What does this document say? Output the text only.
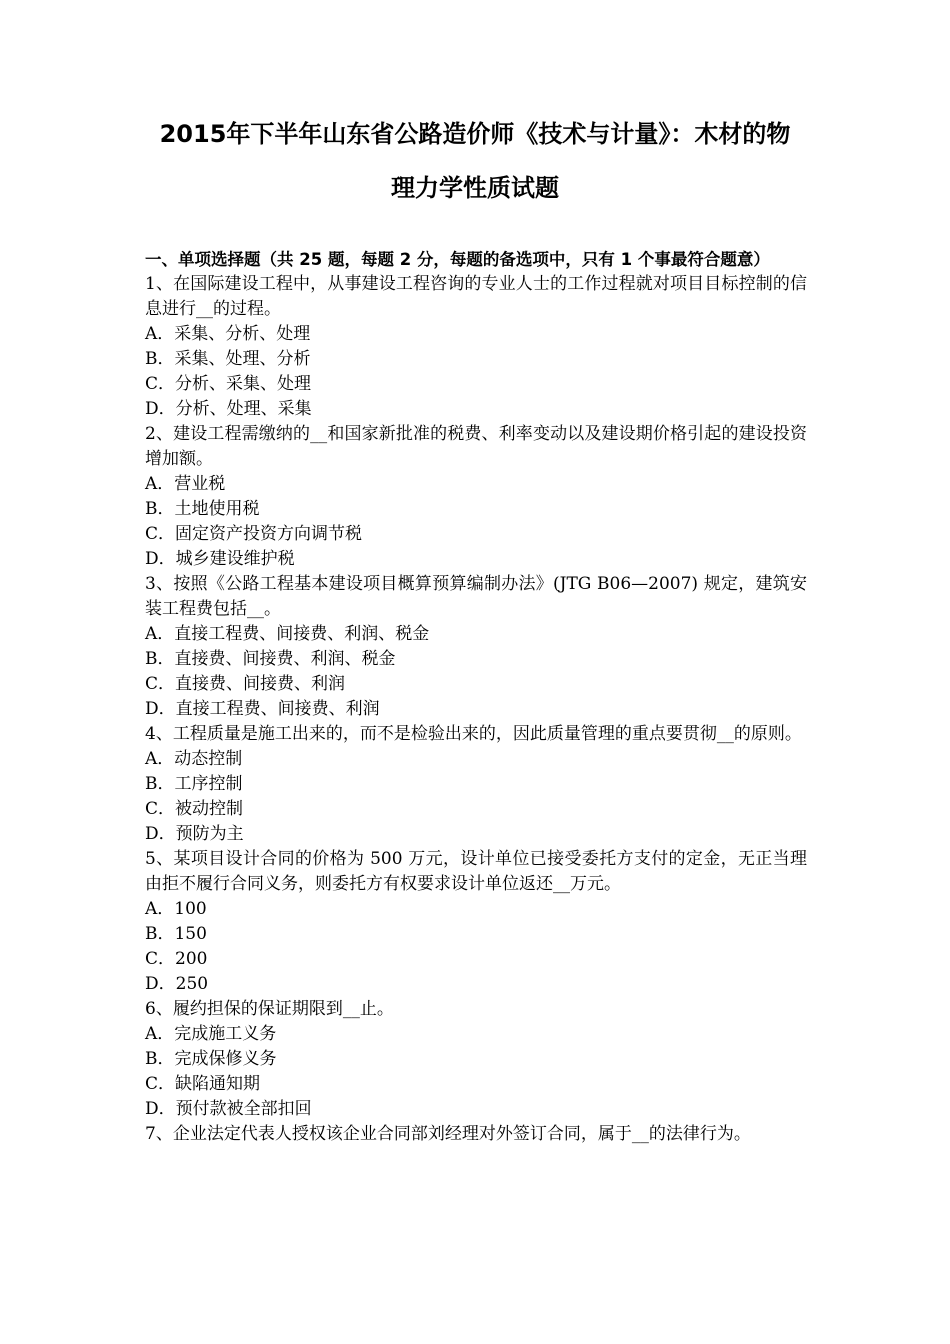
2015年下半年山东省公路造价师《技术与计量》：木材的物
理力学性质试题
一、单项选择题（共 25 题，每题 2 分，每题的备选项中，只有 1 个事最符合题意）

1、在国际建设工程中，从事建设工程咨询的专业人士的工作过程就对项目目标控制的信息进行__的过程。

A．采集、分析、处理

B．采集、处理、分析

C．分析、采集、处理

D．分析、处理、采集

2、建设工程需缴纳的__和国家新批准的税费、利率变动以及建设期价格引起的建设投资增加额。

A．营业税

B．土地使用税

C．固定资产投资方向调节税

D．城乡建设维护税

3、按照《公路工程基本建设项目概算预算编制办法》(JTG B06—2007) 规定，建筑安装工程费包括__。

A．直接工程费、间接费、利润、税金

B．直接费、间接费、利润、税金

C．直接费、间接费、利润

D．直接工程费、间接费、利润

4、工程质量是施工出来的，而不是检验出来的，因此质量管理的重点要贯彻__的原则。

A．动态控制

B．工序控制

C．被动控制

D．预防为主

5、某项目设计合同的价格为 500 万元，设计单位已接受委托方支付的定金，无正当理由拒不履行合同义务，则委托方有权要求设计单位返还__万元。

A．100

B．150

C．200

D．250

6、履约担保的保证期限到__止。

A．完成施工义务

B．完成保修义务

C．缺陷通知期

D．预付款被全部扣回

7、企业法定代表人授权该企业合同部刘经理对外签订合同，属于__的法律行为。
